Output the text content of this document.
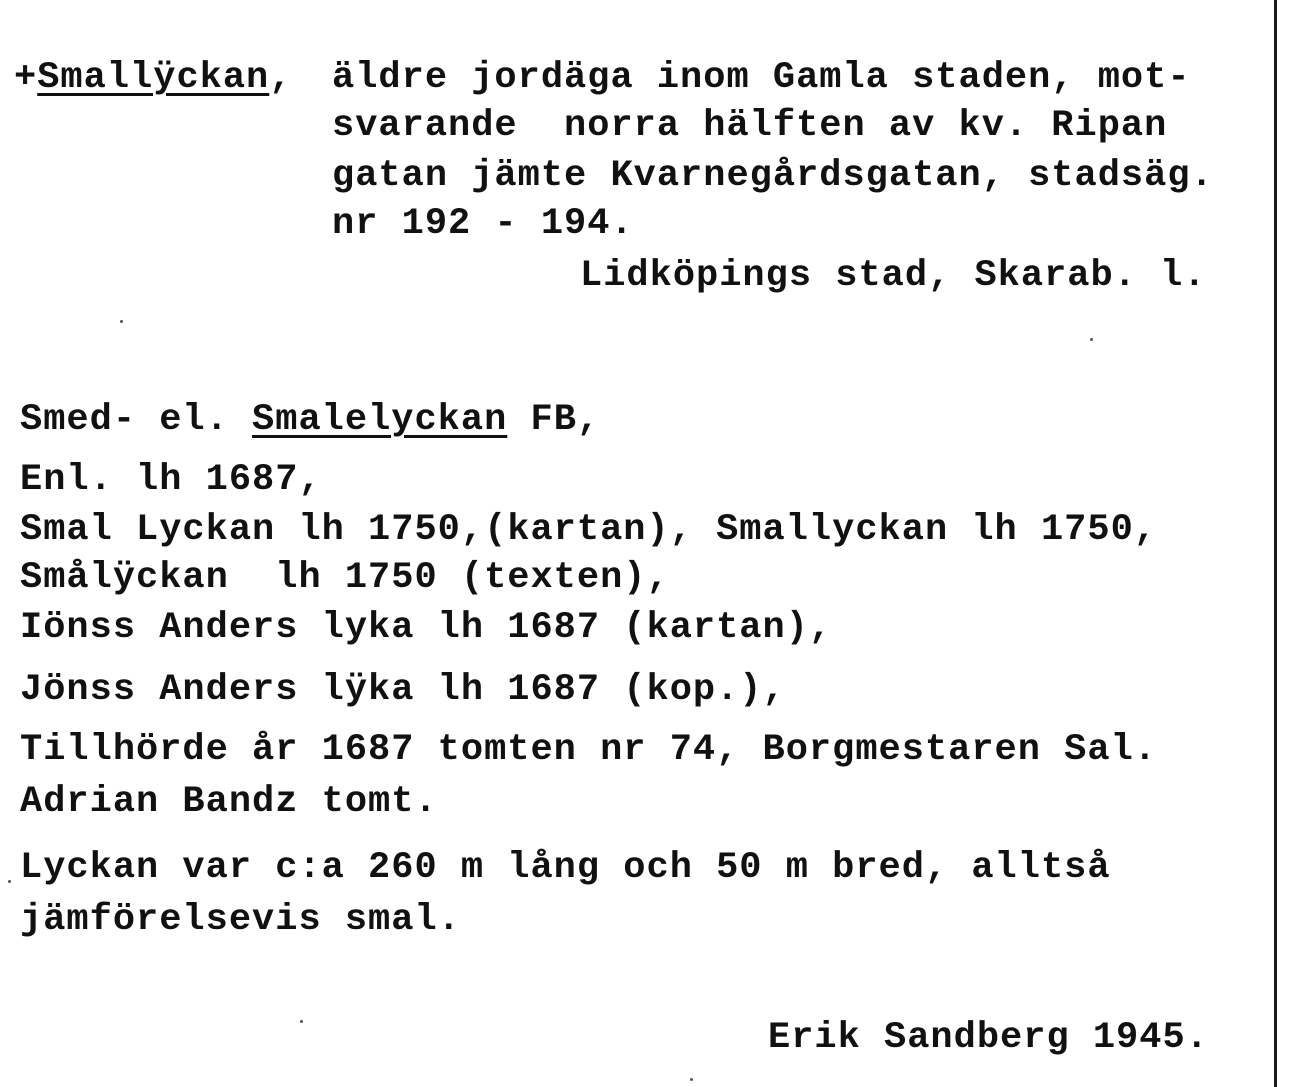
+Smallÿckan, äldre jordäga inom Gamla staden, mot-
svarande  norra hälften av kv. Ripan
gatan jämte Kvarnegårdsgatan, stadsäg.
nr 192 - 194.
Lidköpings stad, Skarab. l.
Smed- el. Smalelyckan FB,
Enl. lh 1687,
Smal Lyckan lh 1750,(kartan), Smallyckan lh 1750,
Smålÿckan  lh 1750 (texten),
Iönss Anders lyka lh 1687 (kartan),
Jönss Anders lÿka lh 1687 (kop.),
Tillhörde år 1687 tomten nr 74, Borgmestaren Sal.
Adrian Bandz tomt.
Lyckan var c:a 260 m lång och 50 m bred, alltså
jämförelsevis smal.
Erik Sandberg 1945.
